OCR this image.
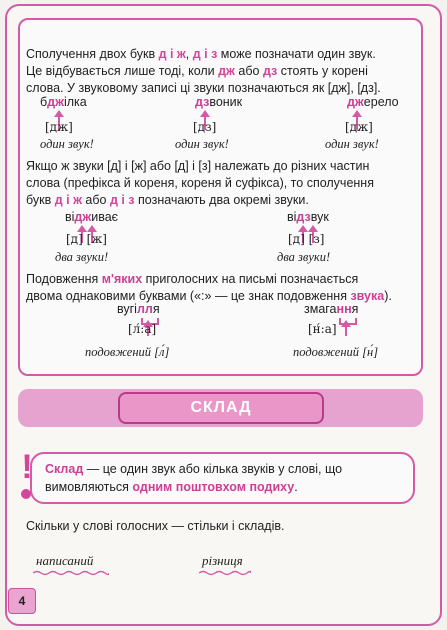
Сполучення двох букв д і ж, д і з може позначати один звук.
Це відбувається лише тоді, коли дж або дз стоять у корені
слова. У звуковому записі ці звуки позначаються як [дж], [дз].
бджілка
[дж]
один звук!
дзвоник
[дз]
один звук!
джерело
[дж]
один звук!
Якщо ж звуки [д] і [ж] або [д] і [з] належать до різних частин
слова (префікса й кореня, кореня й суфікса), то сполучення
букв д і ж або д і з позначають два окремі звуки.
відживає
[д] [ж]
два звуки!
відзвук
[д] [з]
два звуки!
Подовження м'яких приголосних на письмі позначається
двома однаковими буквами («:» — це знак подовження звука).
вугілля
[л́:а]
подовжений [л́]
змагання
[н́:а]
подовжений [н́]
СКЛАД
! Склад — це один звук або кілька звуків у слові, що
вимовляються одним поштовхом подиху.
Скільки у слові голосних — стільки і складів.
написаний	різниця
4
